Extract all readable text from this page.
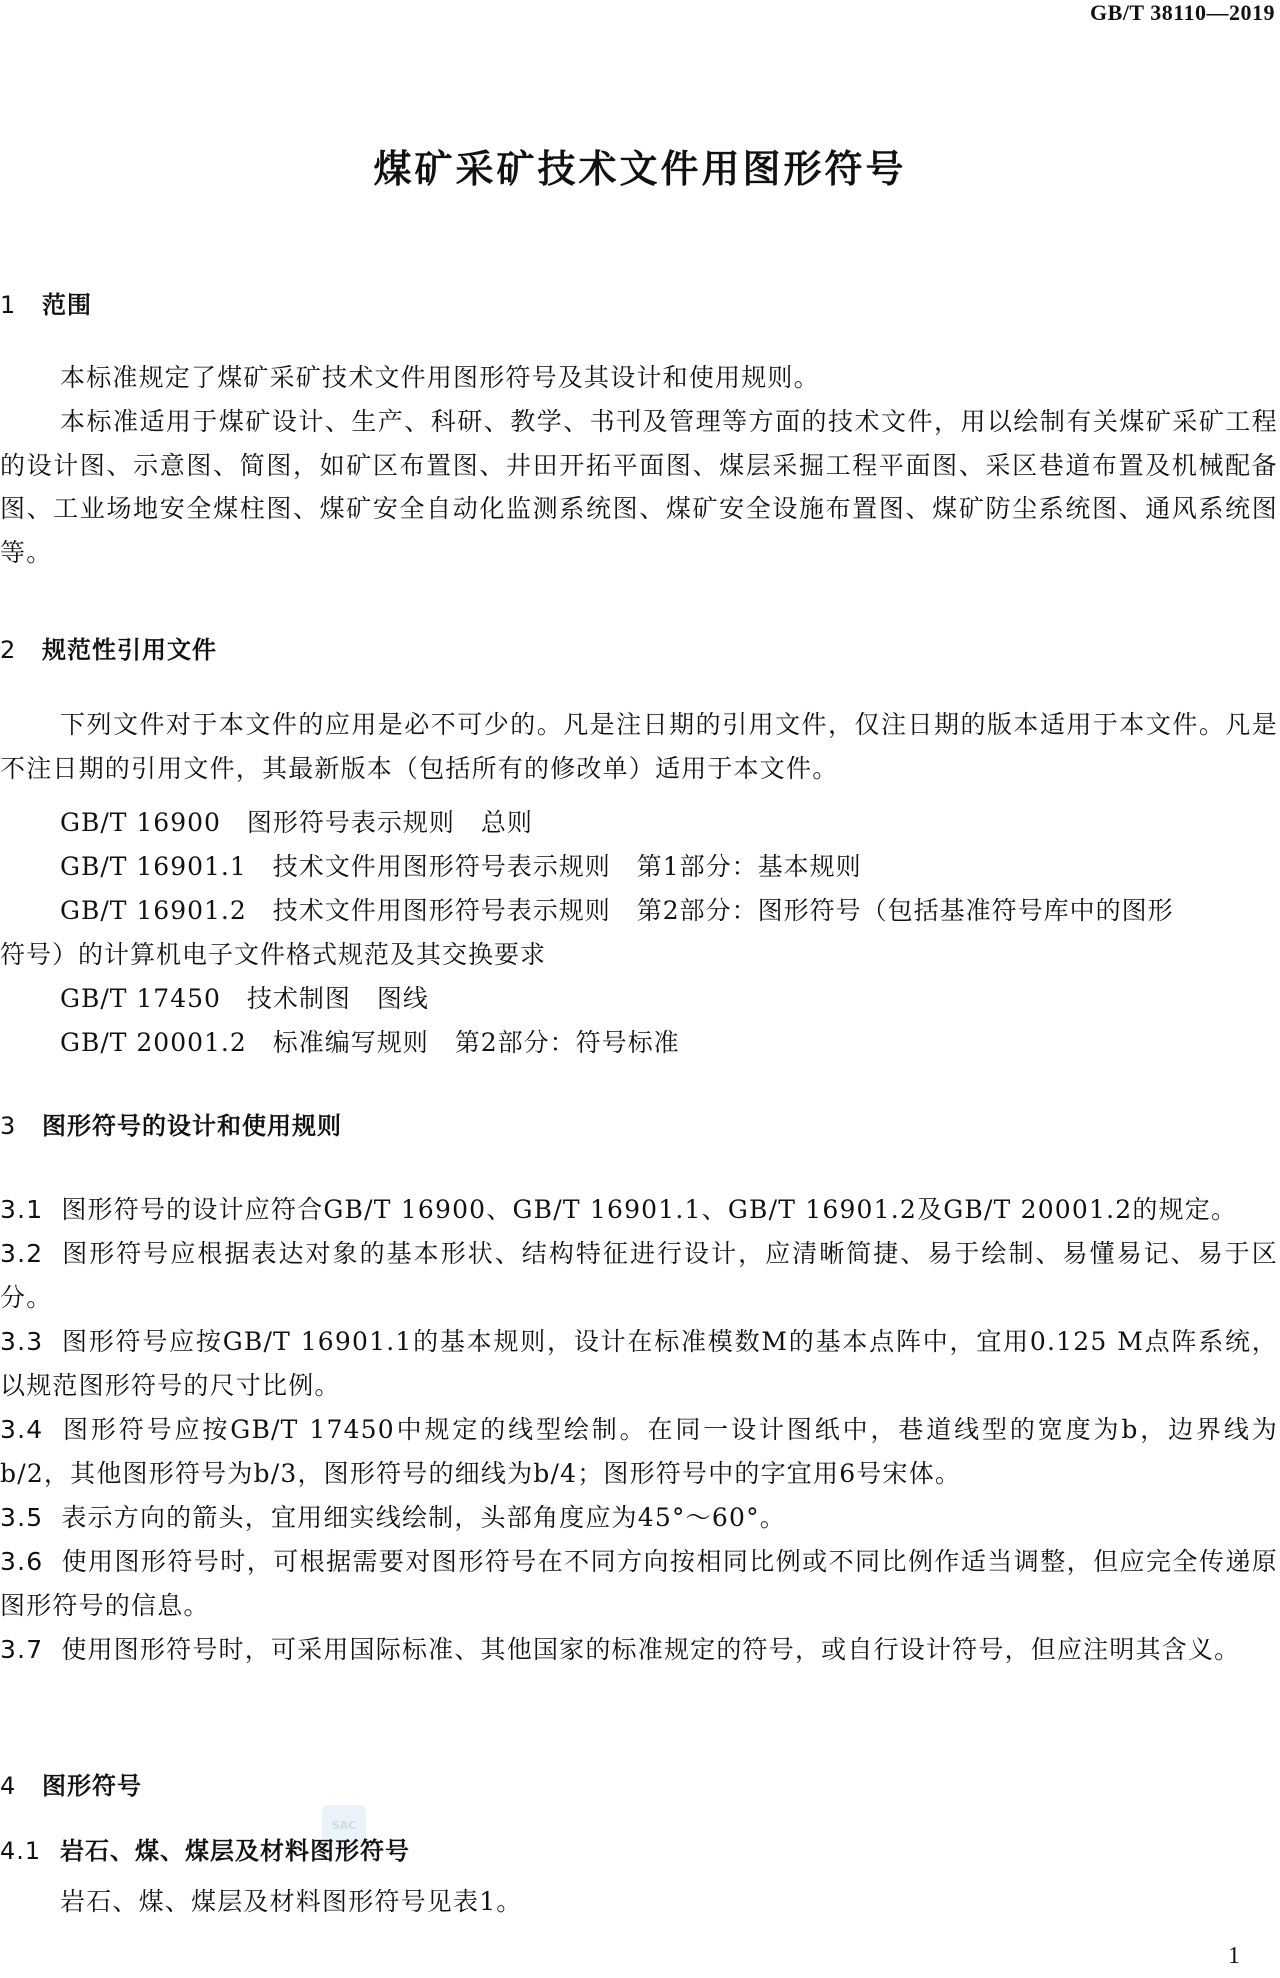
GB/T 38110—2019
煤矿采矿技术文件用图形符号
1 范围

本标准规定了煤矿采矿技术文件用图形符号及其设计和使用规则。

本标准适用于煤矿设计、生产、科研、教学、书刊及管理等方面的技术文件，用以绘制有关煤矿采矿工程的设计图、示意图、简图，如矿区布置图、井田开拓平面图、煤层采掘工程平面图、采区巷道布置及机械配备图、工业场地安全煤柱图、煤矿安全自动化监测系统图、煤矿安全设施布置图、煤矿防尘系统图、通风系统图等。

2 规范性引用文件

下列文件对于本文件的应用是必不可少的。凡是注日期的引用文件，仅注日期的版本适用于本文件。凡是不注日期的引用文件，其最新版本（包括所有的修改单）适用于本文件。

GB/T 16900　图形符号表示规则　总则
GB/T 16901.1　技术文件用图形符号表示规则　第1部分：基本规则
GB/T 16901.2　技术文件用图形符号表示规则　第2部分：图形符号（包括基准符号库中的图形
符号）的计算机电子文件格式规范及其交换要求
GB/T 17450　技术制图　图线
GB/T 20001.2　标准编写规则　第2部分：符号标准
3 图形符号的设计和使用规则

3.1 图形符号的设计应符合GB/T 16900、GB/T 16901.1、GB/T 16901.2及GB/T 20001.2的规定。

3.2 图形符号应根据表达对象的基本形状、结构特征进行设计，应清晰简捷、易于绘制、易懂易记、易于区分。

3.3 图形符号应按GB/T 16901.1的基本规则，设计在标准模数M的基本点阵中，宜用0.125 M点阵系统，以规范图形符号的尺寸比例。

3.4 图形符号应按GB/T 17450中规定的线型绘制。在同一设计图纸中，巷道线型的宽度为b，边界线为b/2，其他图形符号为b/3，图形符号的细线为b/4；图形符号中的字宜用6号宋体。

3.5 表示方向的箭头，宜用细实线绘制，头部角度应为45°～60°。

3.6 使用图形符号时，可根据需要对图形符号在不同方向按相同比例或不同比例作适当调整，但应完全传递原图形符号的信息。

3.7 使用图形符号时，可采用国际标准、其他国家的标准规定的符号，或自行设计符号，但应注明其含义。

4 图形符号
SAC
4.1 岩石、煤、煤层及材料图形符号

岩石、煤、煤层及材料图形符号见表1。

1
